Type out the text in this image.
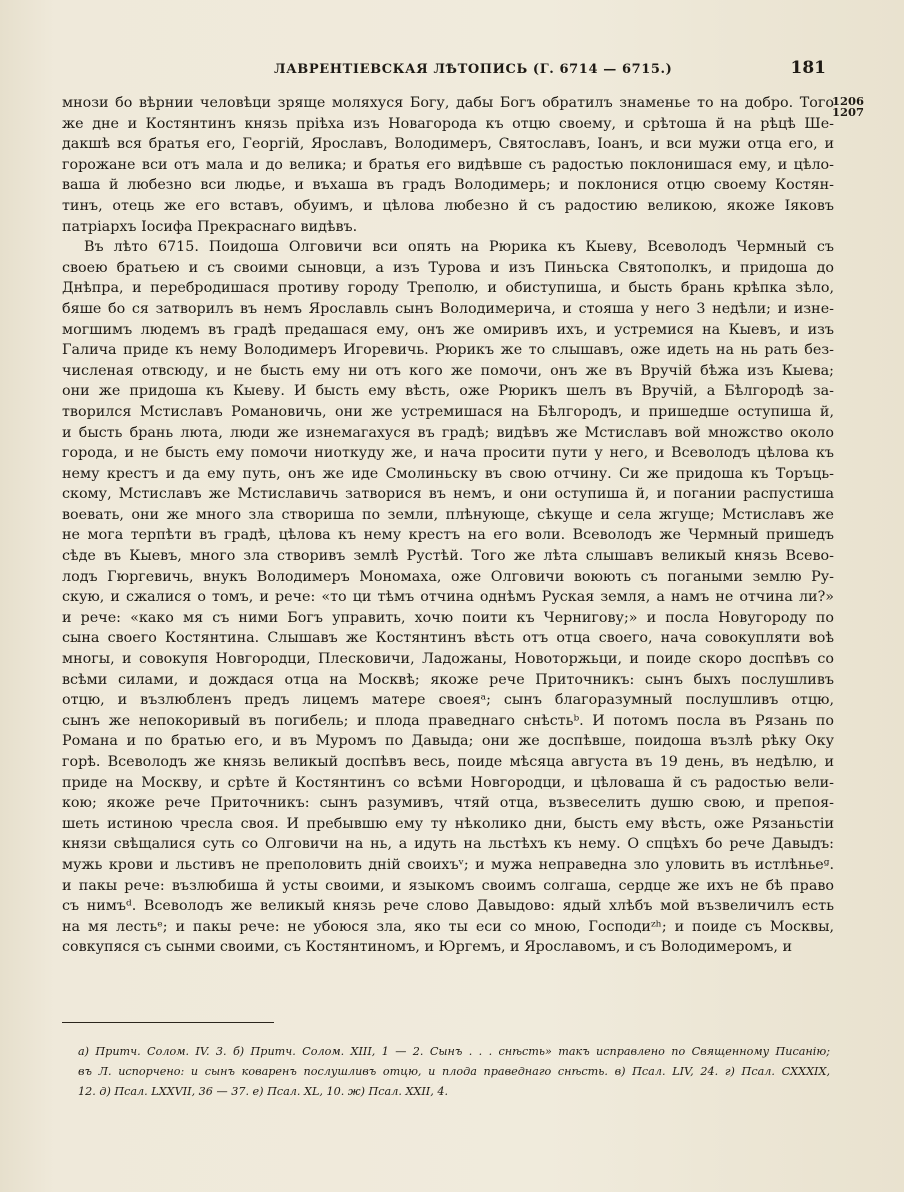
ЛАВРЕНТІЕВСКАЯ ЛѢТОПИСЬ (Г. 6714 — 6715.)	181
1206
1207
мнози бо вѣрнии человѣци зряще моляхуся Богу, дабы Богъ обратилъ знаменье то на добро. Того
же дне и Костянтинъ князь пріѣха изъ Новагорода къ отцю своему, и срѣтоша й на рѣцѣ Ше-
дакшѣ вся братья его, Георгій, Ярославъ, Володимеръ, Святославъ, Іоанъ, и вси мужи отца его, и
горожане вси отъ мала и до велика; и братья его видѣвше съ радостью поклонишася ему, и цѣло-
ваша й любезно вси людье, и въхаша въ градъ Володимерь; и поклонися отцю своему Костян-
тинъ, отець же его вставъ, обуимъ, и цѣлова любезно й съ радостию великою, якоже Іяковъ
патріархъ Іосифа Прекраснаго видѣвъ.
Въ лѣто 6715. Поидоша Олговичи вси опять на Рюрика къ Кыеву, Всеволодъ Чермный съ
своею братьею и съ своими сыновци, а изъ Турова и изъ Пиньска Святополкъ, и придоша до
Днѣпра, и перебродишася противу городу Треполю, и обиступиша, и бысть брань крѣпка зѣло,
бяше бо ся затворилъ въ немъ Ярославль сынъ Володимерича, и стояша у него 3 недѣли; и изне-
могшимъ людемъ въ градѣ предашася ему, онъ же омиривъ ихъ, и устремися на Кыевъ, и изъ
Галича приде къ нему Володимеръ Игоревичь. Рюрикъ же то слышавъ, оже идеть на нь рать без-
численая отвсюду, и не бысть ему ни отъ кого же помочи, онъ же въ Вручій бѣжа изъ Кыева;
они же придоша къ Кыеву. И бысть ему вѣсть, оже Рюрикъ шелъ въ Вручій, а Бѣлгородѣ за-
творился Мстиславъ Романовичь, они же устремишася на Бѣлгородъ, и пришедше оступиша й,
и бысть брань люта, люди же изнемагахуся въ градѣ; видѣвъ же Мстиславъ вой множство около
города, и не бысть ему помочи ниоткуду же, и нача просити пути у него, и Всеволодъ цѣлова къ
нему крестъ и да ему путь, онъ же иде Смолиньску въ свою отчину. Си же придоша къ Торъць-
скому, Мстиславъ же Мстиславичь затворися въ немъ, и они оступиша й, и погании распустиша
воевать, они же много зла створиша по земли, плѣнующе, сѣкуще и села жгуще; Мстиславъ же
не мога терпѣти въ градѣ, цѣлова къ нему крестъ на его воли. Всеволодъ же Чермный пришедъ
сѣде въ Кыевъ, много зла створивъ землѣ Рустѣй. Того же лѣта слышавъ великый князь Всево-
лодъ Гюргевичь, внукъ Володимеръ Мономаха, оже Олговичи воюють съ погаными землю Ру-
скую, и сжалися о томъ, и рече: «то ци тѣмъ отчина однѣмъ Руская земля, а намъ не отчина ли?»
и рече: «како мя съ ними Богъ управить, хочю поити къ Чернигову;» и посла Новугороду по
сына своего Костянтина. Слышавъ же Костянтинъ вѣсть отъ отца своего, нача совокупляти воѣ
многы, и совокупя Новгородци, Плесковичи, Ладожаны, Новоторжьци, и поиде скоро доспѣвъ со
всѣми силами, и дождася отца на Москвѣ; якоже рече Приточникъ: сынъ быхъ послушливъ
отцю, и възлюбленъ предъ лицемъ матере своеяᵃ; сынъ благоразумный послушливъ отцю,
сынъ же непокоривый въ погибель; и плода праведнаго снѣстьᵇ. И потомъ посла въ Рязань по
Романа и по братью его, и въ Муромъ по Давыда; они же доспѣвше, поидоша възлѣ рѣку Оку
горѣ. Всеволодъ же князь великый доспѣвъ весь, поиде мѣсяца августа въ 19 день, въ недѣлю, и
приде на Москву, и срѣте й Костянтинъ со всѣми Новгородци, и цѣловаша й съ радостью вели-
кою; якоже рече Приточникъ: сынъ разумивъ, чтяй отца, възвеселить душю свою, и препоя-
шеть истиною чресла своя. И пребывшю ему ту нѣколико дни, бысть ему вѣсть, оже Рязаньстіи
князи свѣщалися суть со Олговичи на нь, а идуть на льстѣхъ къ нему. О спцѣхъ бо рече Давыдъ:
мужь крови и льстивъ не преполовить днiй своихъᵛ; и мужа неправедна зло уловить въ истлѣньеᵍ.
и пакы рече: възлюбиша й усты своими, и языкомъ своимъ солгаша, сердце же ихъ не бѣ право
съ нимъᵈ. Всеволодъ же великый князь рече слово Давыдово: ядый хлѣбъ мой възвеличилъ есть
на мя лестьᵉ; и пакы рече: не убоюся зла, яко ты еси со мною, Господиᶻʰ; и поиде съ Москвы,
совкупяся съ сынми своими, съ Костянтиномъ, и Юргемъ, и Ярославомъ, и съ Володимеромъ, и
а) Притч. Солом. IV. 3. б) Притч. Солом. XIII, 1 — 2. Сынъ . . . снѣсть» такъ исправлено по Священному Писанію;
въ Л. испорчено: и сынъ коваренъ послушливъ отцю, и плода праведнаго снѣсть. в) Псал. LIV, 24. г) Псал. CXXXIX,
12. д) Псал. LXXVII, 36 — 37. е) Псал. XL, 10. ж) Псал. XXII, 4.
